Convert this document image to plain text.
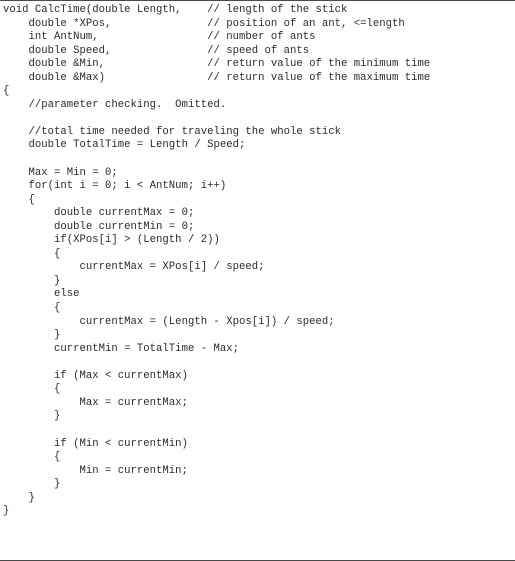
void CalcTime(double Length,    // length of the stick
double *XPos,               // position of an ant, <=length
int AntNum,                 // number of ants
double Speed,               // speed of ants
double &Min,                // return value of the minimum time
double &Max)                // return value of the maximum time
{
//parameter checking.  Omitted.
//total time needed for traveling the whole stick
double TotalTime = Length / Speed;
Max = Min = 0;
for(int i = 0; i < AntNum; i++)
{
double currentMax = 0;
double currentMin = 0;
if(XPos[i] > (Length / 2))
{
currentMax = XPos[i] / speed;
}
else
{
currentMax = (Length - Xpos[i]) / speed;
}
currentMin = TotalTime - Max;
if (Max < currentMax)
{
Max = currentMax;
}
if (Min < currentMin)
{
Min = currentMin;
}
}
}
